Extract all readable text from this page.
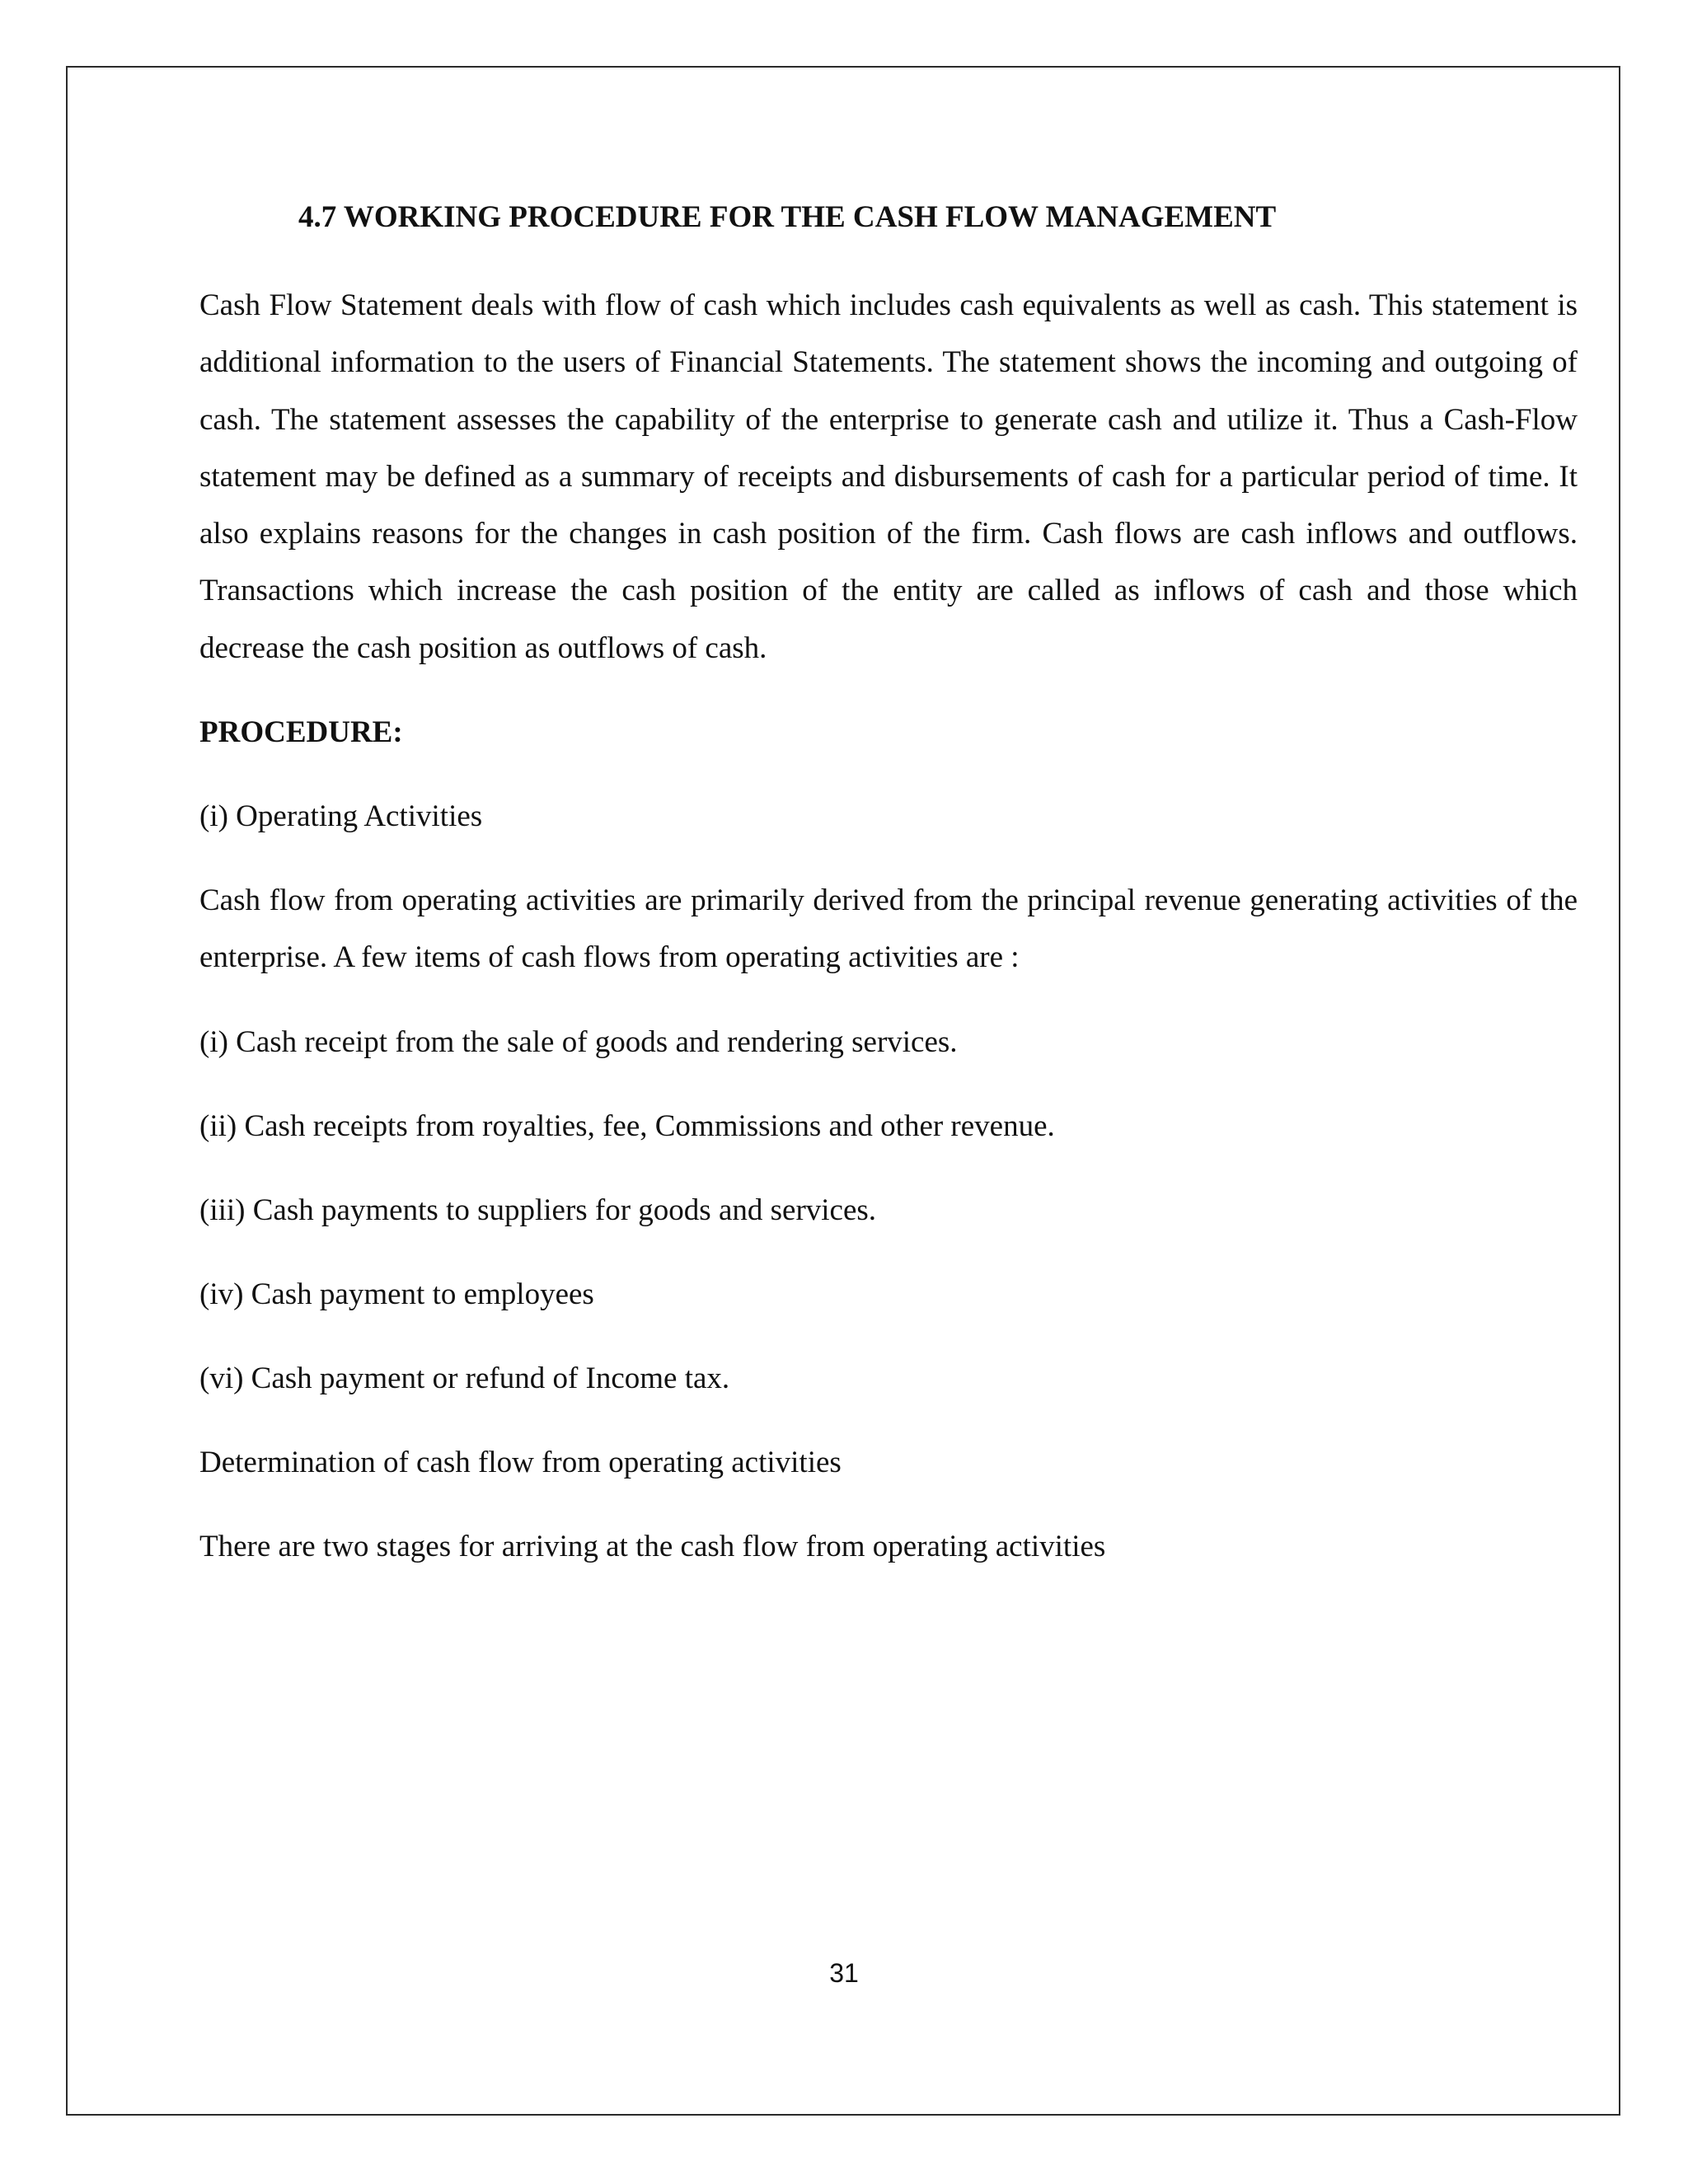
4.7 WORKING PROCEDURE FOR THE CASH FLOW MANAGEMENT

Cash Flow Statement deals with flow of cash which includes cash equivalents as well as cash. This statement is additional information to the users of Financial Statements. The statement shows the incoming and outgoing of cash. The statement assesses the capability of the enterprise to generate cash and utilize it. Thus a Cash-Flow statement may be defined as a summary of receipts and disbursements of cash for a particular period of time. It also explains reasons for the changes in cash position of the firm. Cash flows are cash inflows and outflows. Transactions which increase the cash position of the entity are called as inflows of cash and those which decrease the cash position as outflows of cash.

PROCEDURE:
(i) Operating Activities

Cash flow from operating activities are primarily derived from the principal revenue generating activities of the enterprise. A few items of cash flows from operating activities are :

(i) Cash receipt from the sale of goods and rendering services.
(ii) Cash receipts from royalties, fee, Commissions and other revenue.
(iii) Cash payments to suppliers for goods and services.
(iv) Cash payment to employees
(vi) Cash payment or refund of Income tax.
Determination of cash flow from operating activities
There are two stages for arriving at the cash flow from operating activities
31
